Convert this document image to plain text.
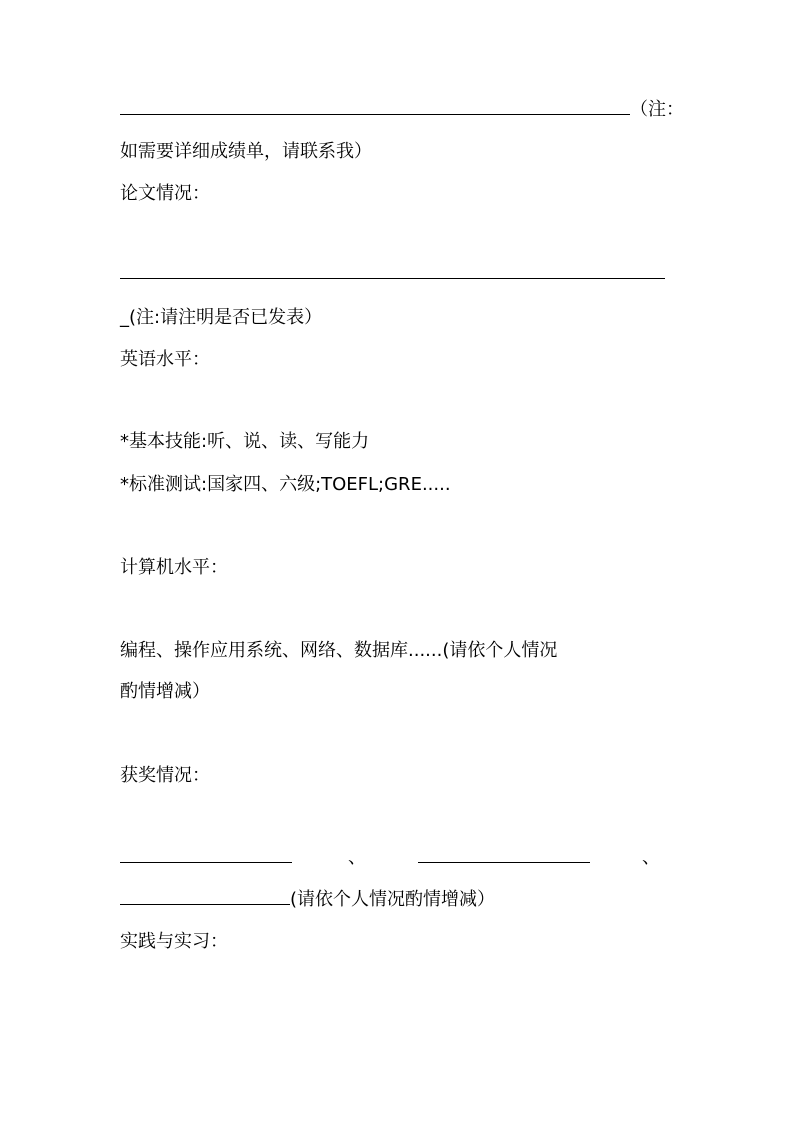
（注：
如需要详细成绩单，请联系我）
论文情况：
_(注:请注明是否已发表）
英语水平：
*基本技能:听、说、读、写能力
*标准测试:国家四、六级;TOEFL;GRE.....
计算机水平：
编程、操作应用系统、网络、数据库......(请依个人情况
酌情增减）
获奖情况：
、	、
(请依个人情况酌情增减）
实践与实习：
